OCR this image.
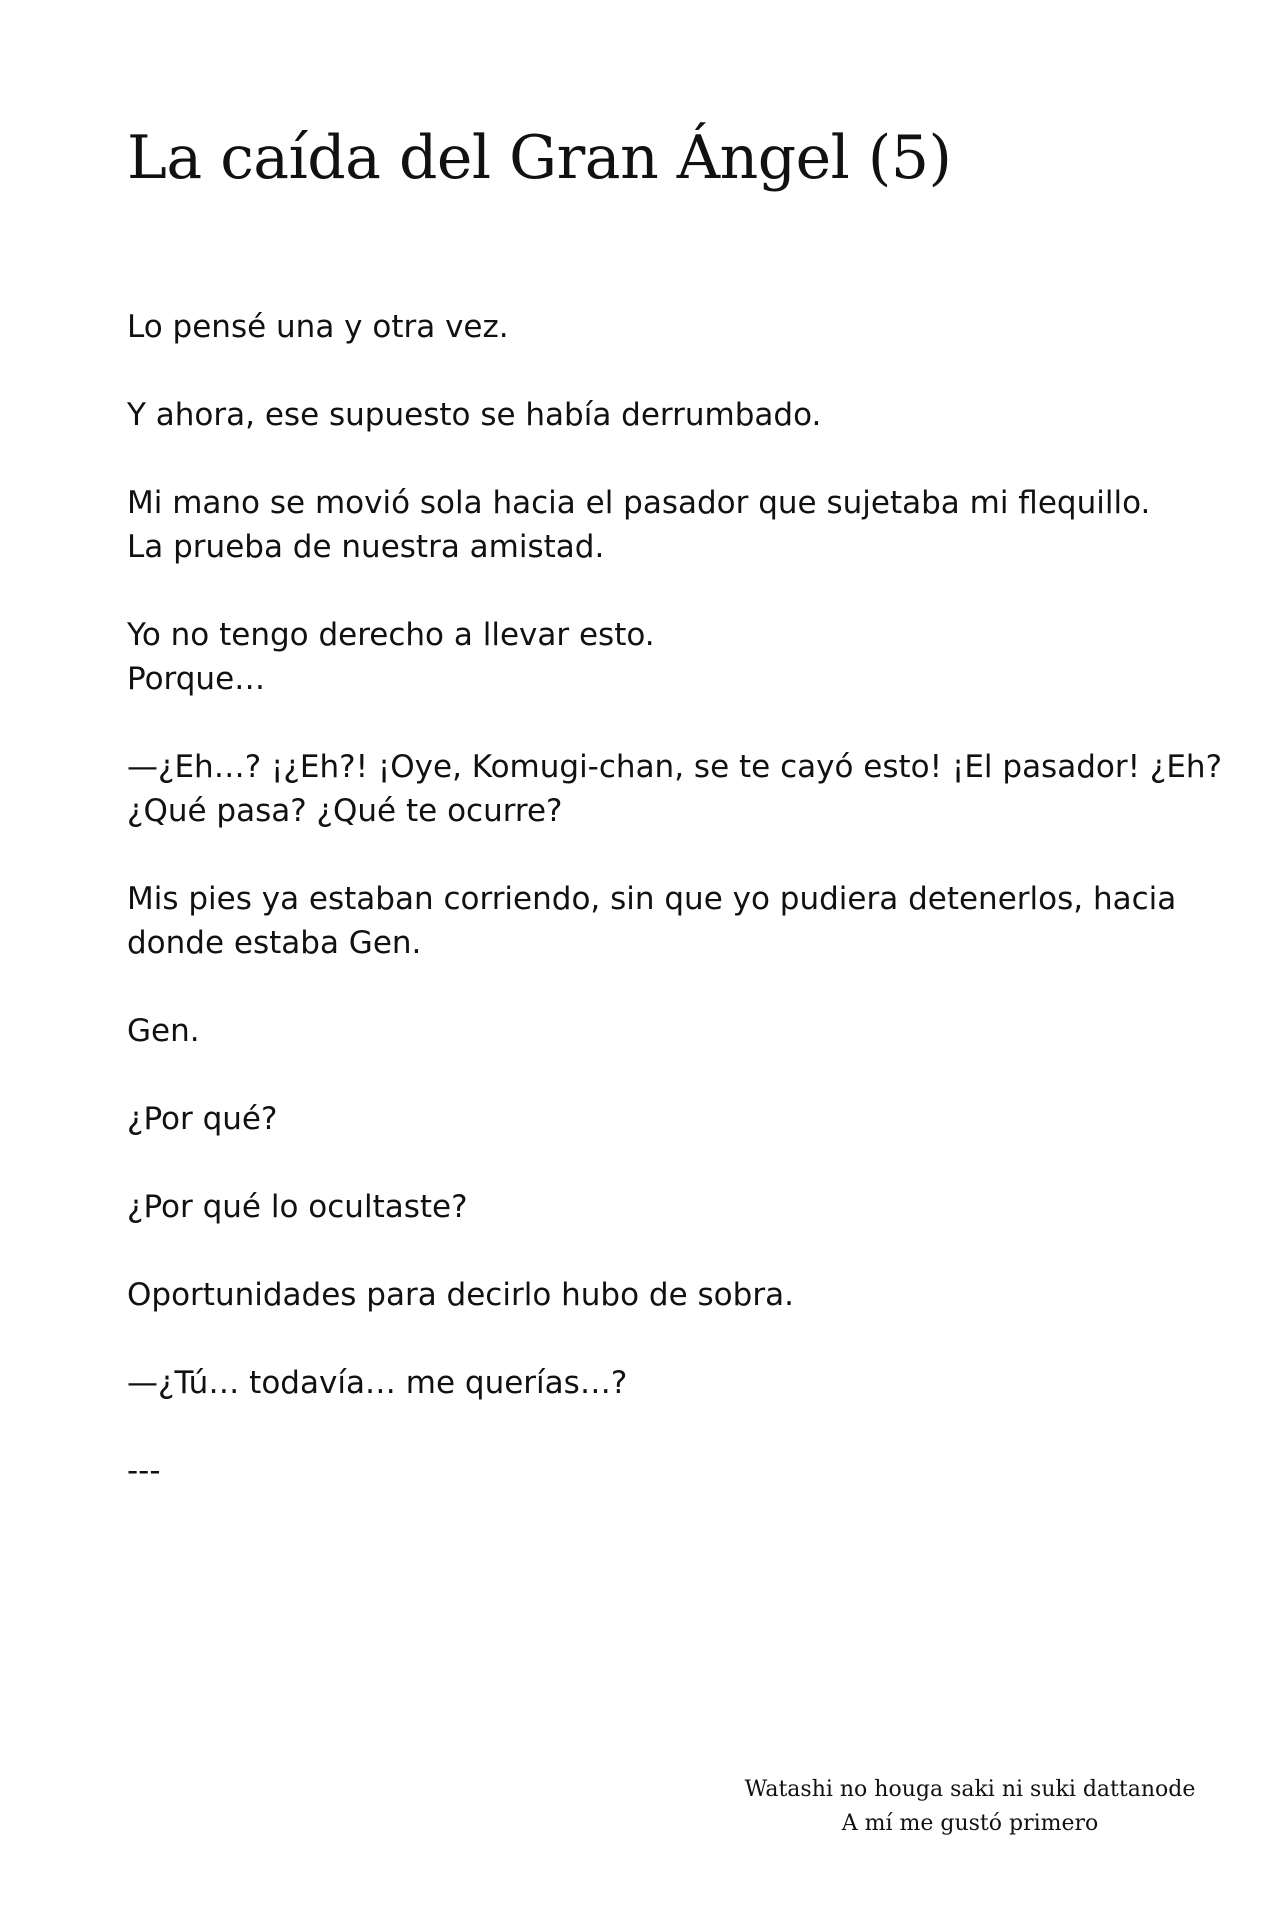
La caída del Gran Ángel (5)

Lo pensé una y otra vez.

Y ahora, ese supuesto se había derrumbado.

Mi mano se movió sola hacia el pasador que sujetaba mi flequillo.
La prueba de nuestra amistad.

Yo no tengo derecho a llevar esto.
Porque…

—¿Eh…? ¡¿Eh?! ¡Oye, Komugi-chan, se te cayó esto! ¡El pasador! ¿Eh?
¿Qué pasa? ¿Qué te ocurre?

Mis pies ya estaban corriendo, sin que yo pudiera detenerlos, hacia
donde estaba Gen.

Gen.

¿Por qué?

¿Por qué lo ocultaste?

Oportunidades para decirlo hubo de sobra.

—¿Tú… todavía… me querías…?

---

Watashi no houga saki ni suki dattanode
A mí me gustó primero
